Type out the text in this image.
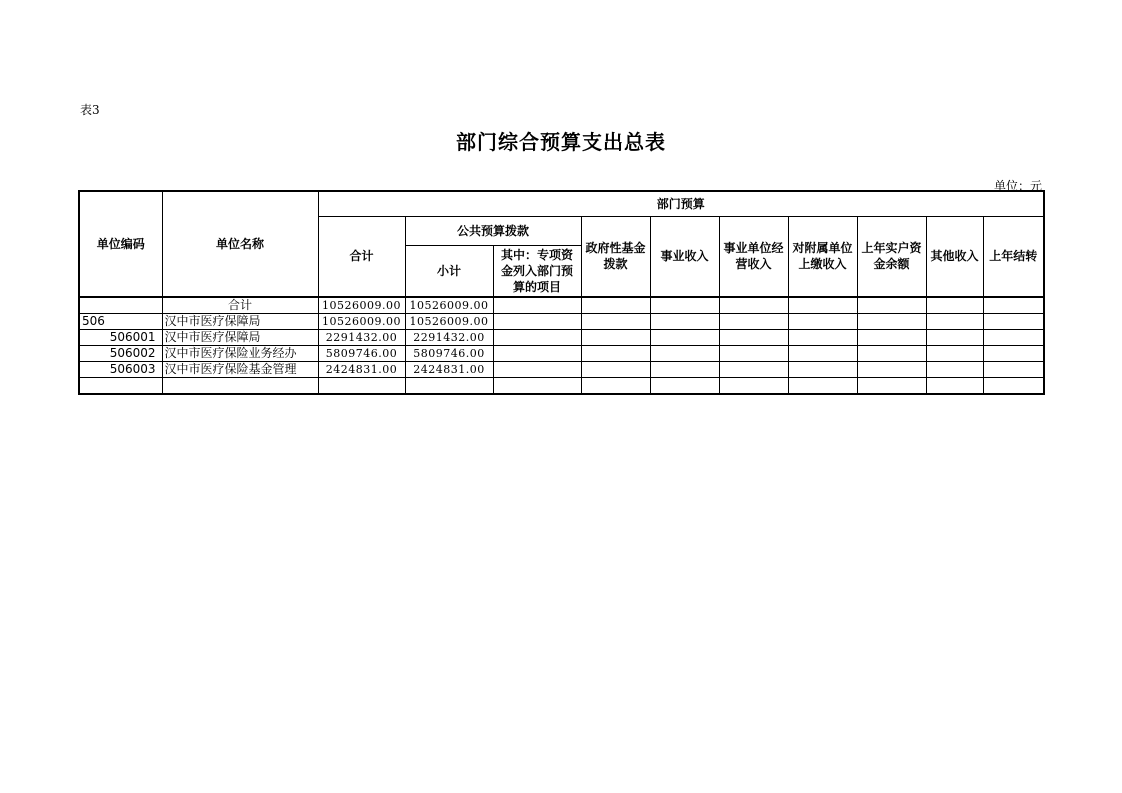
表3
部门综合预算支出总表
单位：元
单位编码	单位名称	部门预算									
		合计	公共预算拨款		政府性基金拨款	事业收入	事业单位经营收入	对附属单位上缴收入	上年实户资金余额	其他收入	上年结转
			小计	其中：专项资金列入部门预算的项目							
	合计	10526009.00	10526009.00								
506	汉中市医疗保障局	10526009.00	10526009.00								
506001	汉中市医疗保障局	2291432.00	2291432.00								
506002	汉中市医疗保险业务经办	5809746.00	5809746.00								
506003	汉中市医疗保险基金管理	2424831.00	2424831.00								
